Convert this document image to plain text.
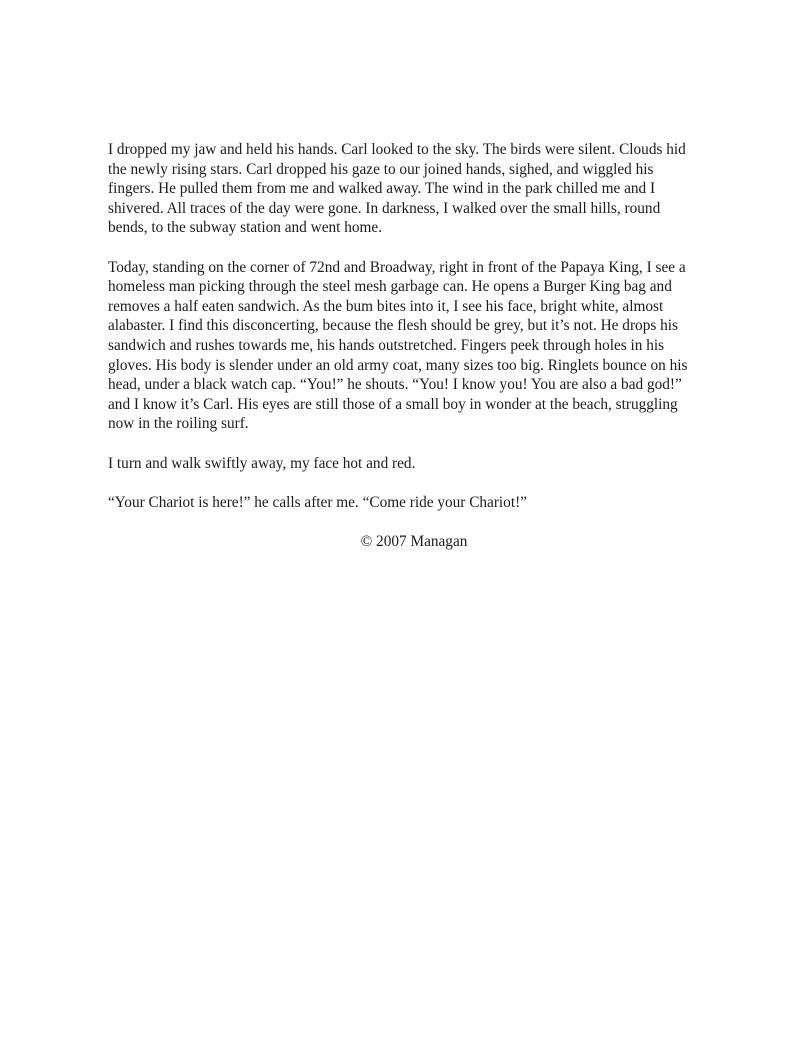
I dropped my jaw and held his hands. Carl looked to the sky. The birds were silent. Clouds hid
the newly rising stars. Carl dropped his gaze to our joined hands, sighed, and wiggled his
fingers. He pulled them from me and walked away. The wind in the park chilled me and I
shivered. All traces of the day were gone. In darkness, I walked over the small hills, round
bends, to the subway station and went home.

Today, standing on the corner of 72nd and Broadway, right in front of the Papaya King, I see a
homeless man picking through the steel mesh garbage can. He opens a Burger King bag and
removes a half eaten sandwich. As the bum bites into it, I see his face, bright white, almost
alabaster. I find this disconcerting, because the flesh should be grey, but it’s not. He drops his
sandwich and rushes towards me, his hands outstretched. Fingers peek through holes in his
gloves. His body is slender under an old army coat, many sizes too big. Ringlets bounce on his
head, under a black watch cap. “You!” he shouts. “You! I know you! You are also a bad god!”
and I know it’s Carl. His eyes are still those of a small boy in wonder at the beach, struggling
now in the roiling surf.

I turn and walk swiftly away, my face hot and red.

“Your Chariot is here!” he calls after me. “Come ride your Chariot!”

© 2007 Managan
